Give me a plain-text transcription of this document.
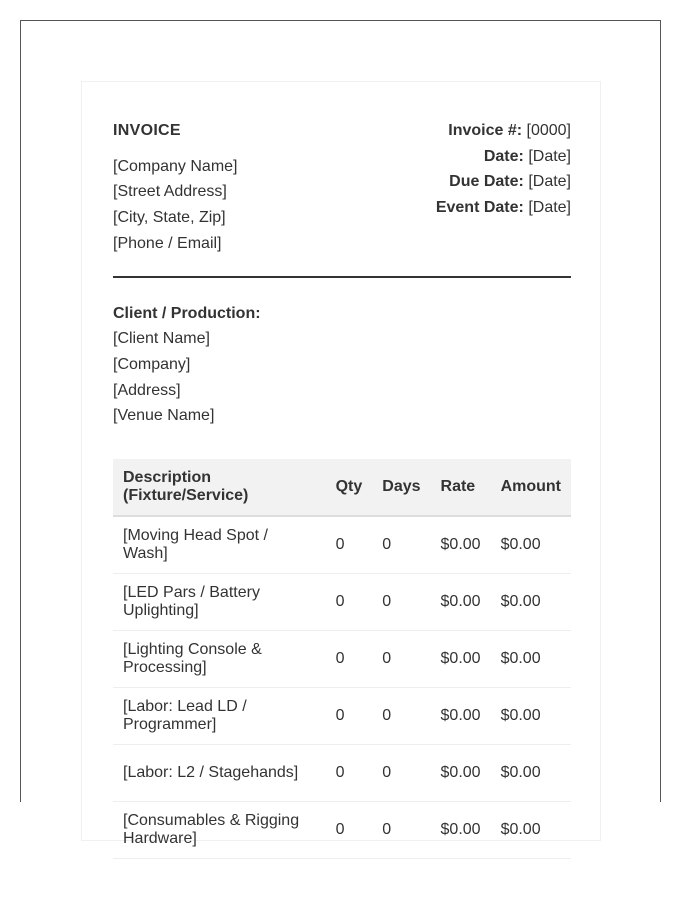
INVOICE
[Company Name]
[Street Address]
[City, State, Zip]
[Phone / Email]
Invoice #: [0000]
Date: [Date]
Due Date: [Date]
Event Date: [Date]
Client / Production:
[Client Name]
[Company]
[Address]
[Venue Name]
Description (Fixture/Service)	Qty	Days	Rate	Amount
[Moving Head Spot / Wash]	0	0	$0.00	$0.00
[LED Pars / Battery Uplighting]	0	0	$0.00	$0.00
[Lighting Console & Processing]	0	0	$0.00	$0.00
[Labor: Lead LD / Programmer]	0	0	$0.00	$0.00
[Labor: L2 / Stagehands]	0	0	$0.00	$0.00
[Consumables & Rigging Hardware]	0	0	$0.00	$0.00
